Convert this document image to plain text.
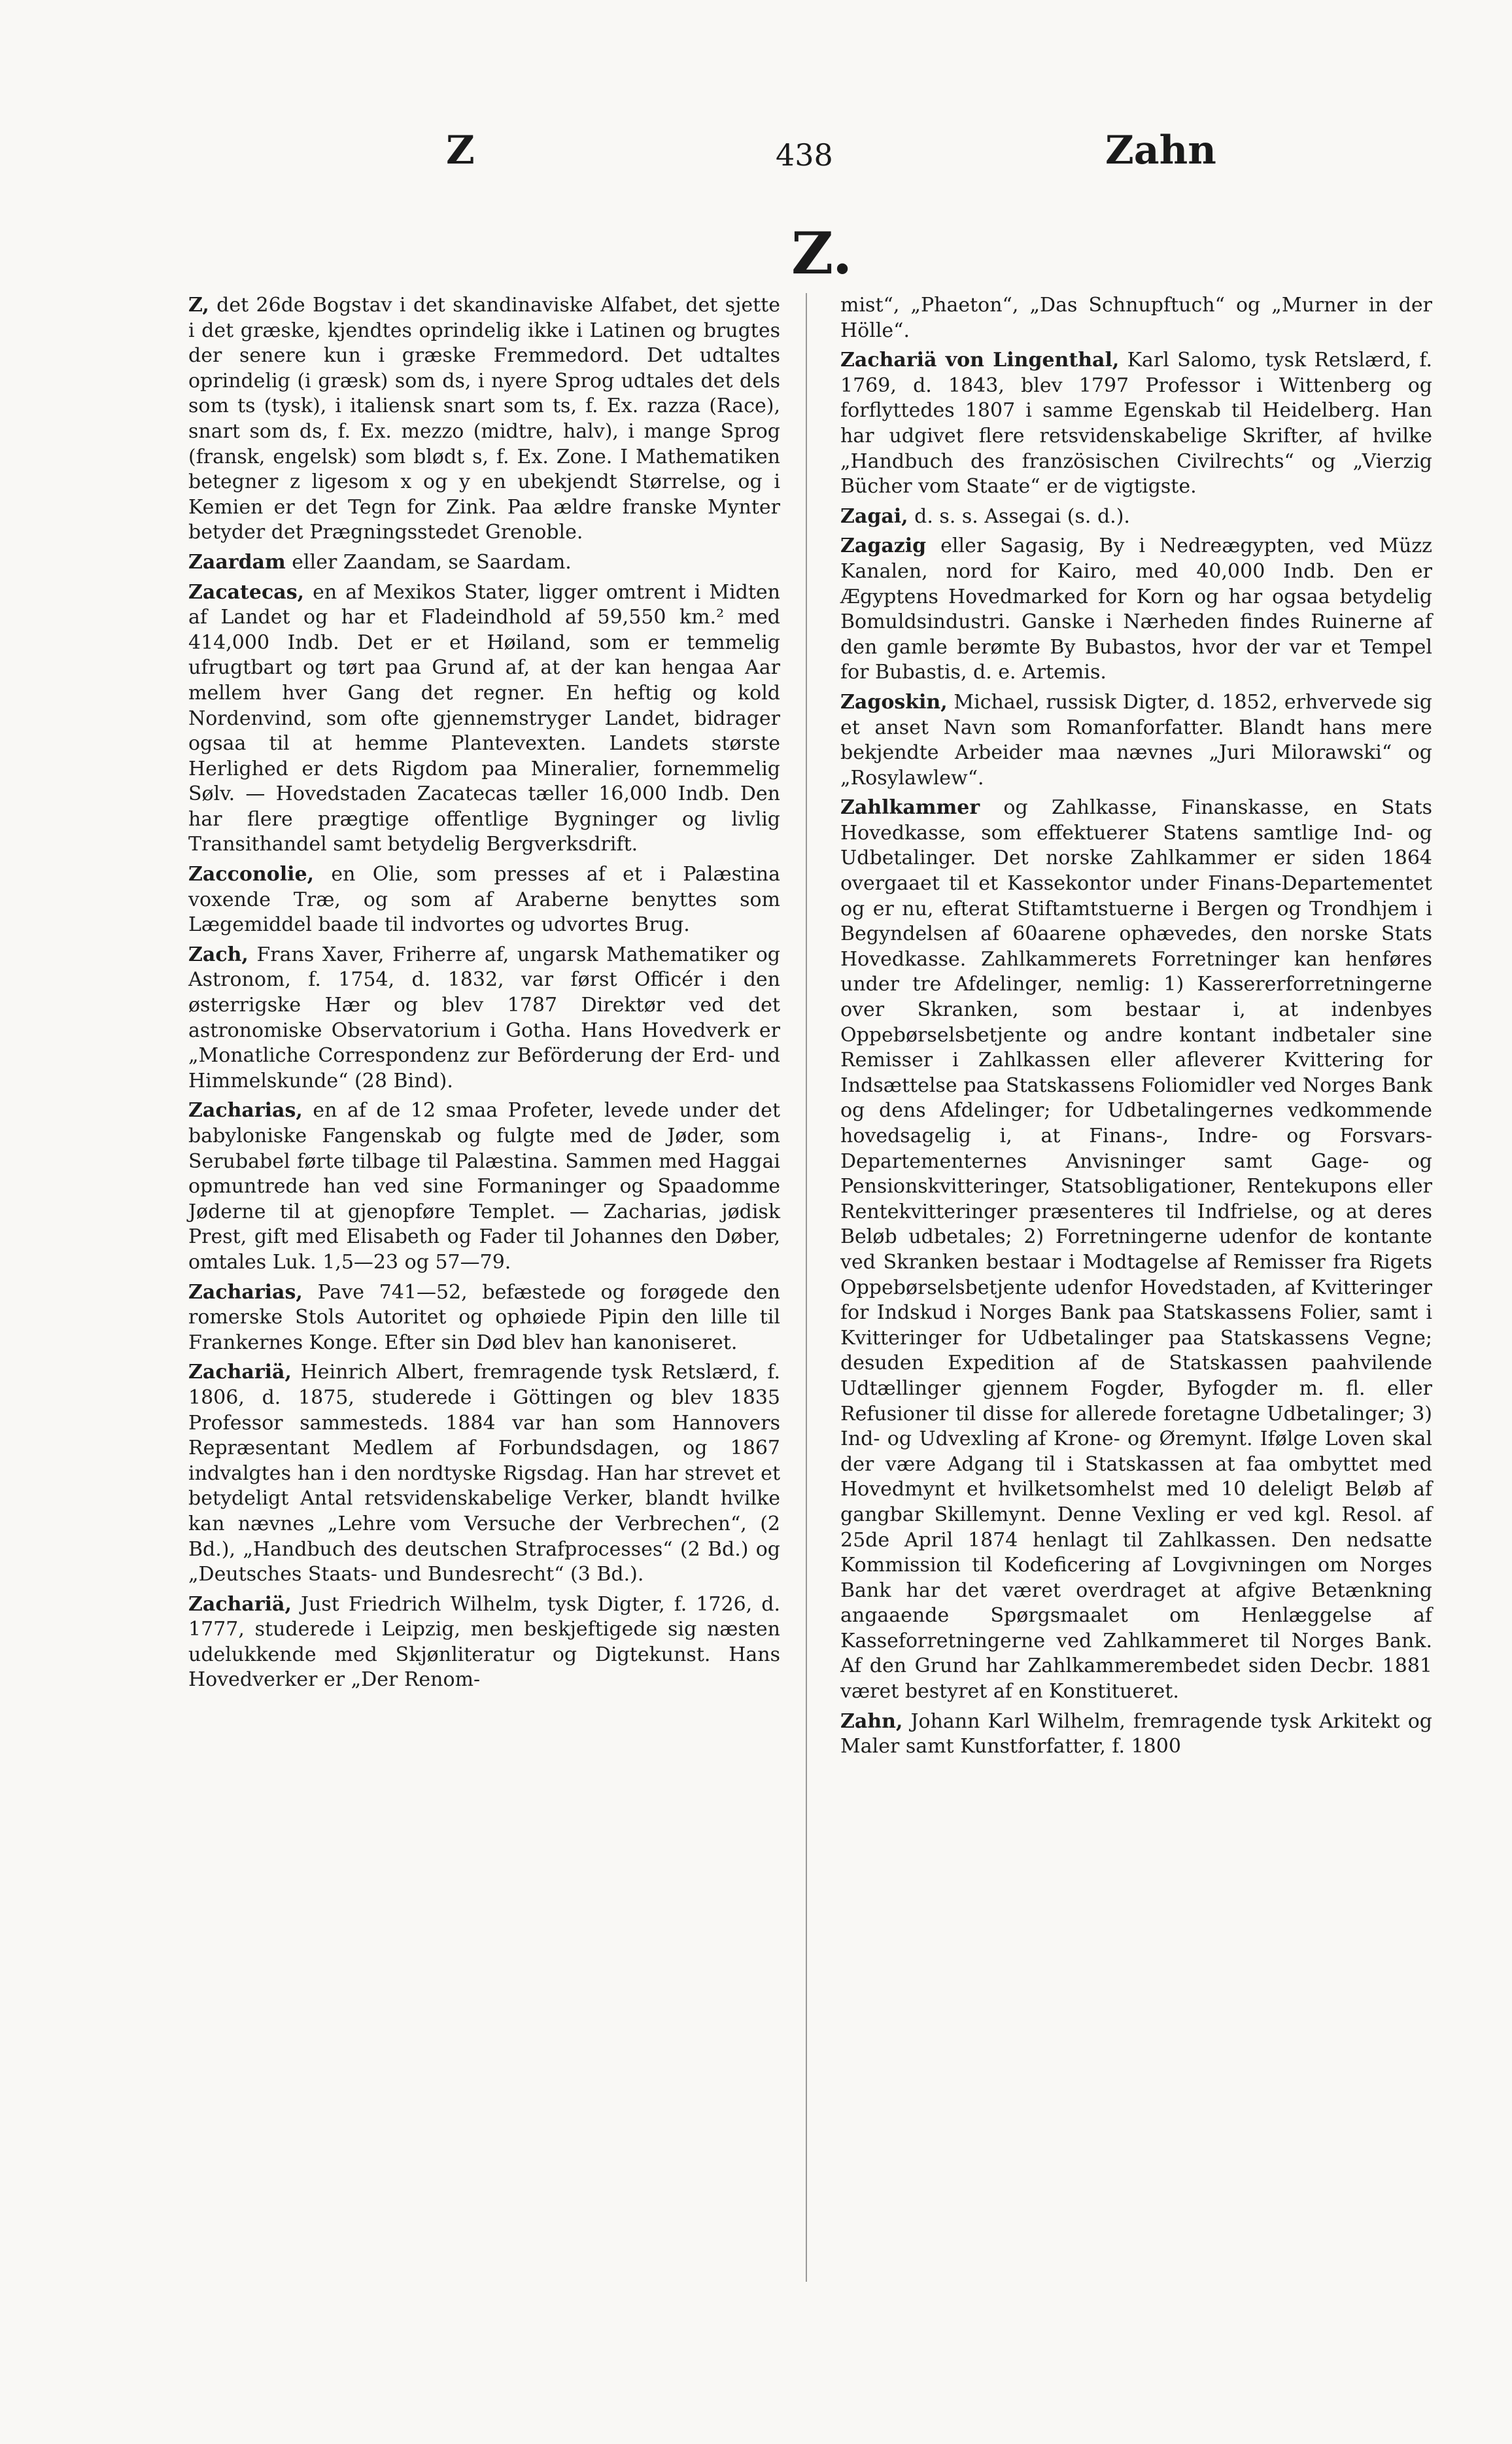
Z	438	Zahn
Z.

Z, det 26de Bogstav i det skandinaviske Alfabet, det sjette i det græske, kjendtes oprindelig ikke i Latinen og brugtes der senere kun i græske Fremmedord. Det udtaltes oprindelig (i græsk) som ds, i nyere Sprog udtales det dels som ts (tysk), i italiensk snart som ts, f. Ex. razza (Race), snart som ds, f. Ex. mezzo (midtre, halv), i mange Sprog (fransk, engelsk) som blødt s, f. Ex. Zone. I Mathematiken betegner z ligesom x og y en ubekjendt Størrelse, og i Kemien er det Tegn for Zink. Paa ældre franske Mynter betyder det Prægningsstedet Grenoble.

Zaardam eller Zaandam, se Saardam.

Zacatecas, en af Mexikos Stater, ligger omtrent i Midten af Landet og har et Fladeindhold af 59,550 km.² med 414,000 Indb. Det er et Høiland, som er temmelig ufrugtbart og tørt paa Grund af, at der kan hengaa Aar mellem hver Gang det regner. En heftig og kold Nordenvind, som ofte gjennemstryger Landet, bidrager ogsaa til at hemme Plantevexten. Landets største Herlighed er dets Rigdom paa Mineralier, fornemmelig Sølv. — Hovedstaden Zacatecas tæller 16,000 Indb. Den har flere prægtige offentlige Bygninger og livlig Transithandel samt betydelig Bergverksdrift.

Zacconolie, en Olie, som presses af et i Palæstina voxende Træ, og som af Araberne benyttes som Lægemiddel baade til indvortes og udvortes Brug.

Zach, Frans Xaver, Friherre af, ungarsk Mathematiker og Astronom, f. 1754, d. 1832, var først Officér i den østerrigske Hær og blev 1787 Direktør ved det astronomiske Observatorium i Gotha. Hans Hovedverk er „Monatliche Correspondenz zur Beförderung der Erd- und Himmelskunde“ (28 Bind).

Zacharias, en af de 12 smaa Profeter, levede under det babyloniske Fangenskab og fulgte med de Jøder, som Serubabel førte tilbage til Palæstina. Sammen med Haggai opmuntrede han ved sine Formaninger og Spaadomme Jøderne til at gjenopføre Templet. — Zacharias, jødisk Prest, gift med Elisabeth og Fader til Johannes den Døber, omtales Luk. 1,5—23 og 57—79.

Zacharias, Pave 741—52, befæstede og forøgede den romerske Stols Autoritet og ophøiede Pipin den lille til Frankernes Konge. Efter sin Død blev han kanoniseret.

Zachariä, Heinrich Albert, fremragende tysk Retslærd, f. 1806, d. 1875, studerede i Göttingen og blev 1835 Professor sammesteds. 1884 var han som Hannovers Repræsentant Medlem af Forbundsdagen, og 1867 indvalgtes han i den nordtyske Rigsdag. Han har strevet et betydeligt Antal retsvidenskabelige Verker, blandt hvilke kan nævnes „Lehre vom Versuche der Verbrechen“, (2 Bd.), „Handbuch des deutschen Strafprocesses“ (2 Bd.) og „Deutsches Staats- und Bundesrecht“ (3 Bd.).

Zachariä, Just Friedrich Wilhelm, tysk Digter, f. 1726, d. 1777, studerede i Leipzig, men beskjeftigede sig næsten udelukkende med Skjønliteratur og Digtekunst. Hans Hovedverker er „Der Renom-

mist“, „Phaeton“, „Das Schnupftuch“ og „Murner in der Hölle“.

Zachariä von Lingenthal, Karl Salomo, tysk Retslærd, f. 1769, d. 1843, blev 1797 Professor i Wittenberg og forflyttedes 1807 i samme Egenskab til Heidelberg. Han har udgivet flere retsvidenskabelige Skrifter, af hvilke „Handbuch des französischen Civilrechts“ og „Vierzig Bücher vom Staate“ er de vigtigste.

Zagai, d. s. s. Assegai (s. d.).

Zagazig eller Sagasig, By i Nedreægypten, ved Müzz Kanalen, nord for Kairo, med 40,000 Indb. Den er Ægyptens Hovedmarked for Korn og har ogsaa betydelig Bomuldsindustri. Ganske i Nærheden findes Ruinerne af den gamle berømte By Bubastos, hvor der var et Tempel for Bubastis, d. e. Artemis.

Zagoskin, Michael, russisk Digter, d. 1852, erhvervede sig et anset Navn som Romanforfatter. Blandt hans mere bekjendte Arbeider maa nævnes „Juri Milorawski“ og „Rosylawlew“.

Zahlkammer og Zahlkasse, Finanskasse, en Stats Hovedkasse, som effektuerer Statens samtlige Ind- og Udbetalinger. Det norske Zahlkammer er siden 1864 overgaaet til et Kassekontor under Finans-Departementet og er nu, efterat Stiftamtstuerne i Bergen og Trondhjem i Begyndelsen af 60aarene ophævedes, den norske Stats Hovedkasse. Zahlkammerets Forretninger kan henføres under tre Afdelinger, nemlig: 1) Kassererforretningerne over Skranken, som bestaar i, at indenbyes Oppebørselsbetjente og andre kontant indbetaler sine Remisser i Zahlkassen eller afleverer Kvittering for Indsættelse paa Statskassens Foliomidler ved Norges Bank og dens Afdelinger; for Udbetalingernes vedkommende hovedsagelig i, at Finans-, Indre- og Forsvars-Departementernes Anvisninger samt Gage- og Pensionskvitteringer, Statsobligationer, Rentekupons eller Rentekvitteringer præsenteres til Indfrielse, og at deres Beløb udbetales; 2) Forretningerne udenfor de kontante ved Skranken bestaar i Modtagelse af Remisser fra Rigets Oppebørselsbetjente udenfor Hovedstaden, af Kvitteringer for Indskud i Norges Bank paa Statskassens Folier, samt i Kvitteringer for Udbetalinger paa Statskassens Vegne; desuden Expedition af de Statskassen paahvilende Udtællinger gjennem Fogder, Byfogder m. fl. eller Refusioner til disse for allerede foretagne Udbetalinger; 3) Ind- og Udvexling af Krone- og Øremynt. Ifølge Loven skal der være Adgang til i Statskassen at faa ombyttet med Hovedmynt et hvilketsomhelst med 10 deleligt Beløb af gangbar Skillemynt. Denne Vexling er ved kgl. Resol. af 25de April 1874 henlagt til Zahlkassen. Den nedsatte Kommission til Kodeficering af Lovgivningen om Norges Bank har det været overdraget at afgive Betænkning angaaende Spørgsmaalet om Henlæggelse af Kasseforretningerne ved Zahlkammeret til Norges Bank. Af den Grund har Zahlkammerembedet siden Decbr. 1881 været bestyret af en Konstitueret.

Zahn, Johann Karl Wilhelm, fremragende tysk Arkitekt og Maler samt Kunstforfatter, f. 1800
